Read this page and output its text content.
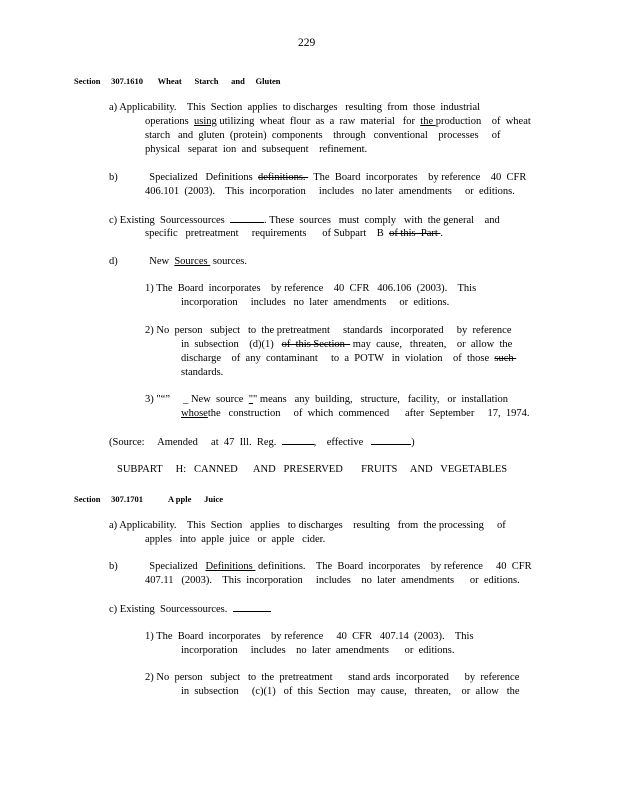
229
Section     307.1610       Wheat      Starch      and     Gluten
a) Applicability.    This  Section  applies  to discharges   resulting  from  those  industrial
operations  using utilizing  wheat  flour  as  a  raw  material   for  the production    of  wheat
starch   and  gluten  (protein)  components    through   conventional    processes     of
physical   separat  ion  and  subsequent    refinement.
b)            Specialized   Definitions  definitions.   The  Board  incorporates    by reference    40  CFR
406.101  (2003).    This  incorporation     includes   no later  amendments     or  editions.
c) Existing  Sourcessources	. These  sources   must  comply   with  the general    and
specific   pretreatment     requirements      of Subpart    B  of this  Part .
d)            New  Sources  sources.
1) The  Board  incorporates    by reference    40  CFR   406.106  (2003).    This
incorporation     includes   no  later  amendments     or  editions.
2) No  person   subject   to  the pretreatment     standards   incorporated     by  reference
in  subsection    (d)(1)   of  this Section   may  cause,   threaten,    or  allow  the
discharge    of  any  contaminant     to  a  POTW   in  violation    of  those  such
standards.
3) "“”     _ New  source  "" means   any  building,   structure,   facility,   or  installation
whosethe   construction     of  which  commenced      after  September     17,  1974.
(Source:     Amended     at  47  Ill.  Reg.	,    effective	)
SUBPART     H:   CANNED      AND   PRESERVED       FRUITS     AND   VEGETABLES
Section     307.1701            A pple      Juice
a) Applicability.    This  Section   applies   to discharges    resulting   from  the processing     of
apples   into  apple  juice   or  apple   cider.
b)            Specialized   Definitions  definitions.    The  Board  incorporates    by reference     40  CFR
407.11   (2003).    This  incorporation     includes    no  later  amendments      or  editions.
c) Existing  Sourcessources.
1) The  Board  incorporates    by reference     40  CFR   407.14  (2003).    This
incorporation     includes    no  later  amendments      or  editions.
2) No  person   subject   to  the  pretreatment      stand ards  incorporated      by  reference
in  subsection     (c)(1)   of  this  Section   may  cause,   threaten,    or  allow   the
